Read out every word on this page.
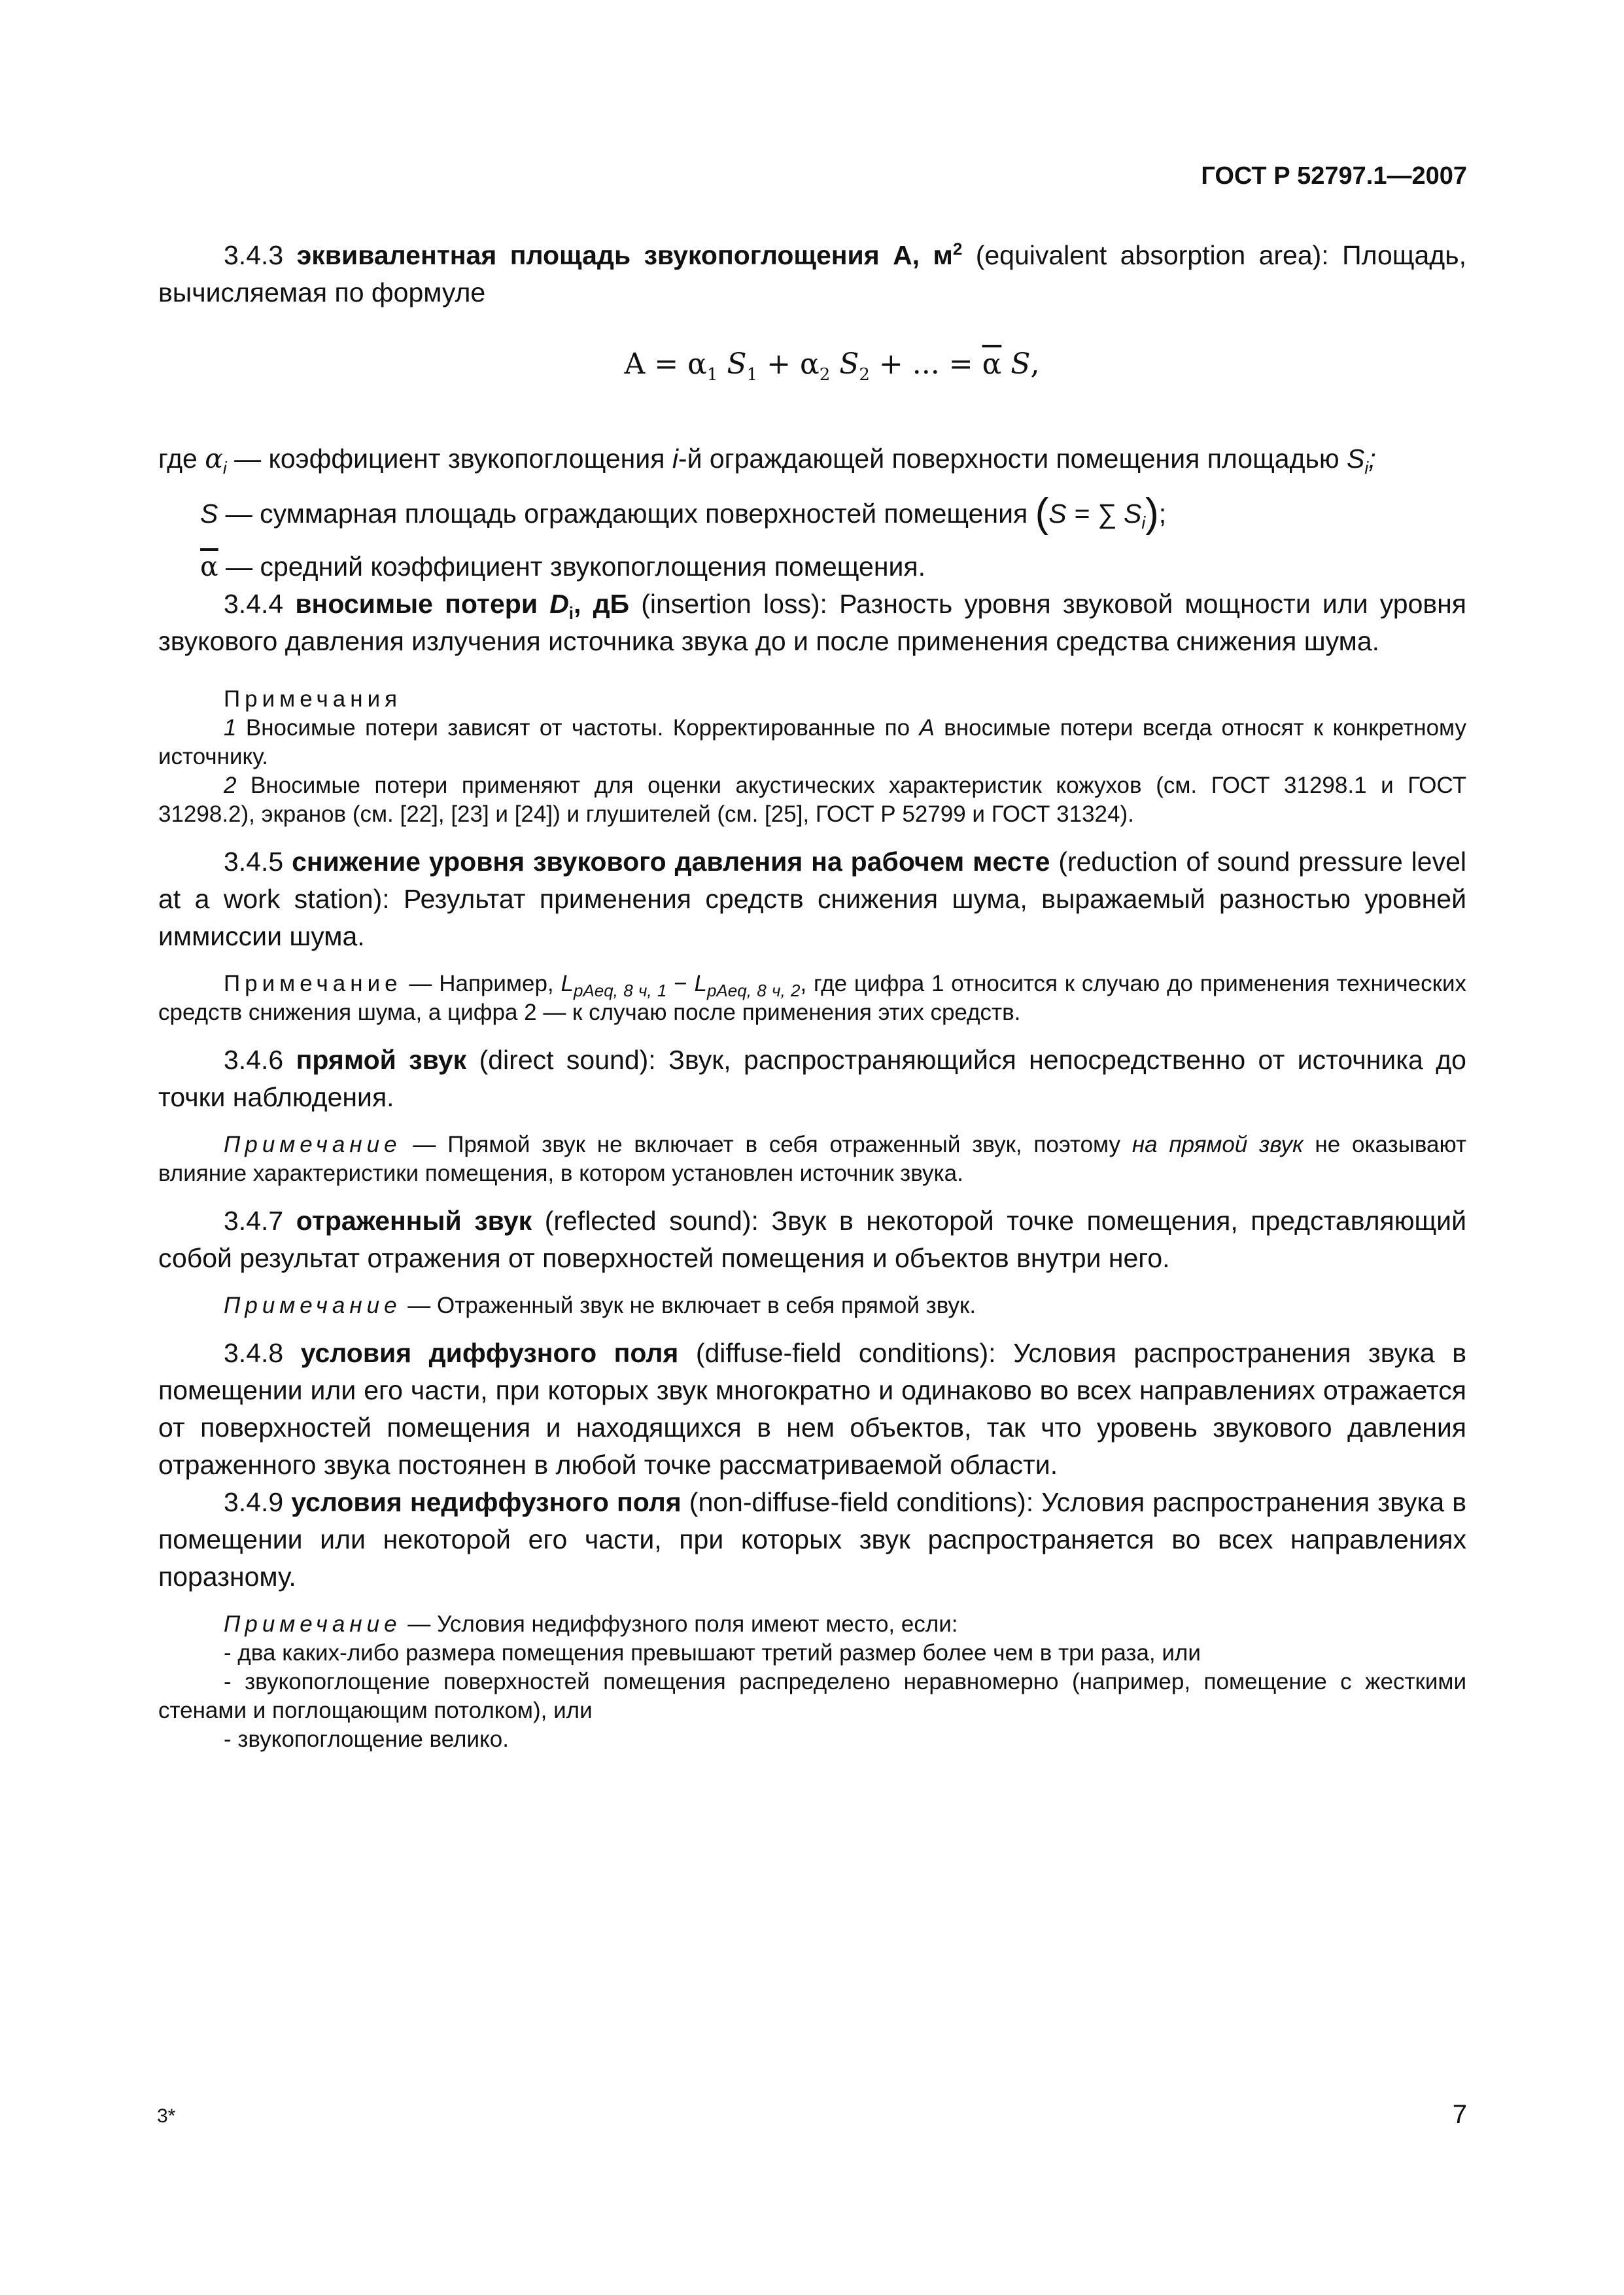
ГОСТ Р 52797.1—2007

3.4.3 эквивалентная площадь звукопоглощения А, $м^2$ (equivalent absorption area): Площадь, вычисляемая по формуле

$A = \alpha_1$ $S_1 + \alpha_2$ $S_2$ + ... = $\overline{\alpha}$ S,

где $\alpha_i$ — коэффициент звукопоглощения i-й ограждающей поверхности помещения площадью $S_i$;

S — суммарная площадь ограждающих поверхностей помещения (S = ∑ $S_i$);

$\overline{\alpha}$ — средний коэффициент звукопоглощения помещения.

3.4.4 вносимые потери $D_i$, дБ (insertion loss): Разность уровня звуковой мощности или уровня звукового давления излучения источника звука до и после применения средства снижения шума.

Примечания

1 Вносимые потери зависят от частоты. Корректированные по А вносимые потери всегда относят к конкретному источнику.

2 Вносимые потери применяют для оценки акустических характеристик кожухов (см. ГОСТ 31298.1 и ГОСТ 31298.2), экранов (см. [22], [23] и [24]) и глушителей (см. [25], ГОСТ Р 52799 и ГОСТ 31324).

3.4.5 снижение уровня звукового давления на рабочем месте (reduction of sound pressure level at a work station): Результат применения средств снижения шума, выражаемый разностью уровней иммиссии шума.

Примечание — Например, $L_{pAeq, 8 ч, 1} - L_{pAeq, 8 ч, 2}$, где цифра 1 относится к случаю до применения технических средств снижения шума, а цифра 2 — к случаю после применения этих средств.

3.4.6 прямой звук (direct sound): Звук, распространяющийся непосредственно от источника до точки наблюдения.

Примечание — Прямой звук не включает в себя отраженный звук, поэтому на прямой звук не оказывают влияние характеристики помещения, в котором установлен источник звука.

3.4.7 отраженный звук (reflected sound): Звук в некоторой точке помещения, представляющий собой результат отражения от поверхностей помещения и объектов внутри него.

Примечание — Отраженный звук не включает в себя прямой звук.

3.4.8 условия диффузного поля (diffuse-field conditions): Условия распространения звука в помещении или его части, при которых звук многократно и одинаково во всех направлениях отражается от поверхностей помещения и находящихся в нем объектов, так что уровень звукового давления отраженного звука постоянен в любой точке рассматриваемой области.

3.4.9 условия недиффузного поля (non-diffuse-field conditions): Условия распространения звука в помещении или некоторой его части, при которых звук распространяется во всех направлениях поразному.

Примечание — Условия недиффузного поля имеют место, если:

- два каких-либо размера помещения превышают третий размер более чем в три раза, или

- звукопоглощение поверхностей помещения распределено неравномерно (например, помещение с жесткими стенами и поглощающим потолком), или

- звукопоглощение велико.

3*	7
